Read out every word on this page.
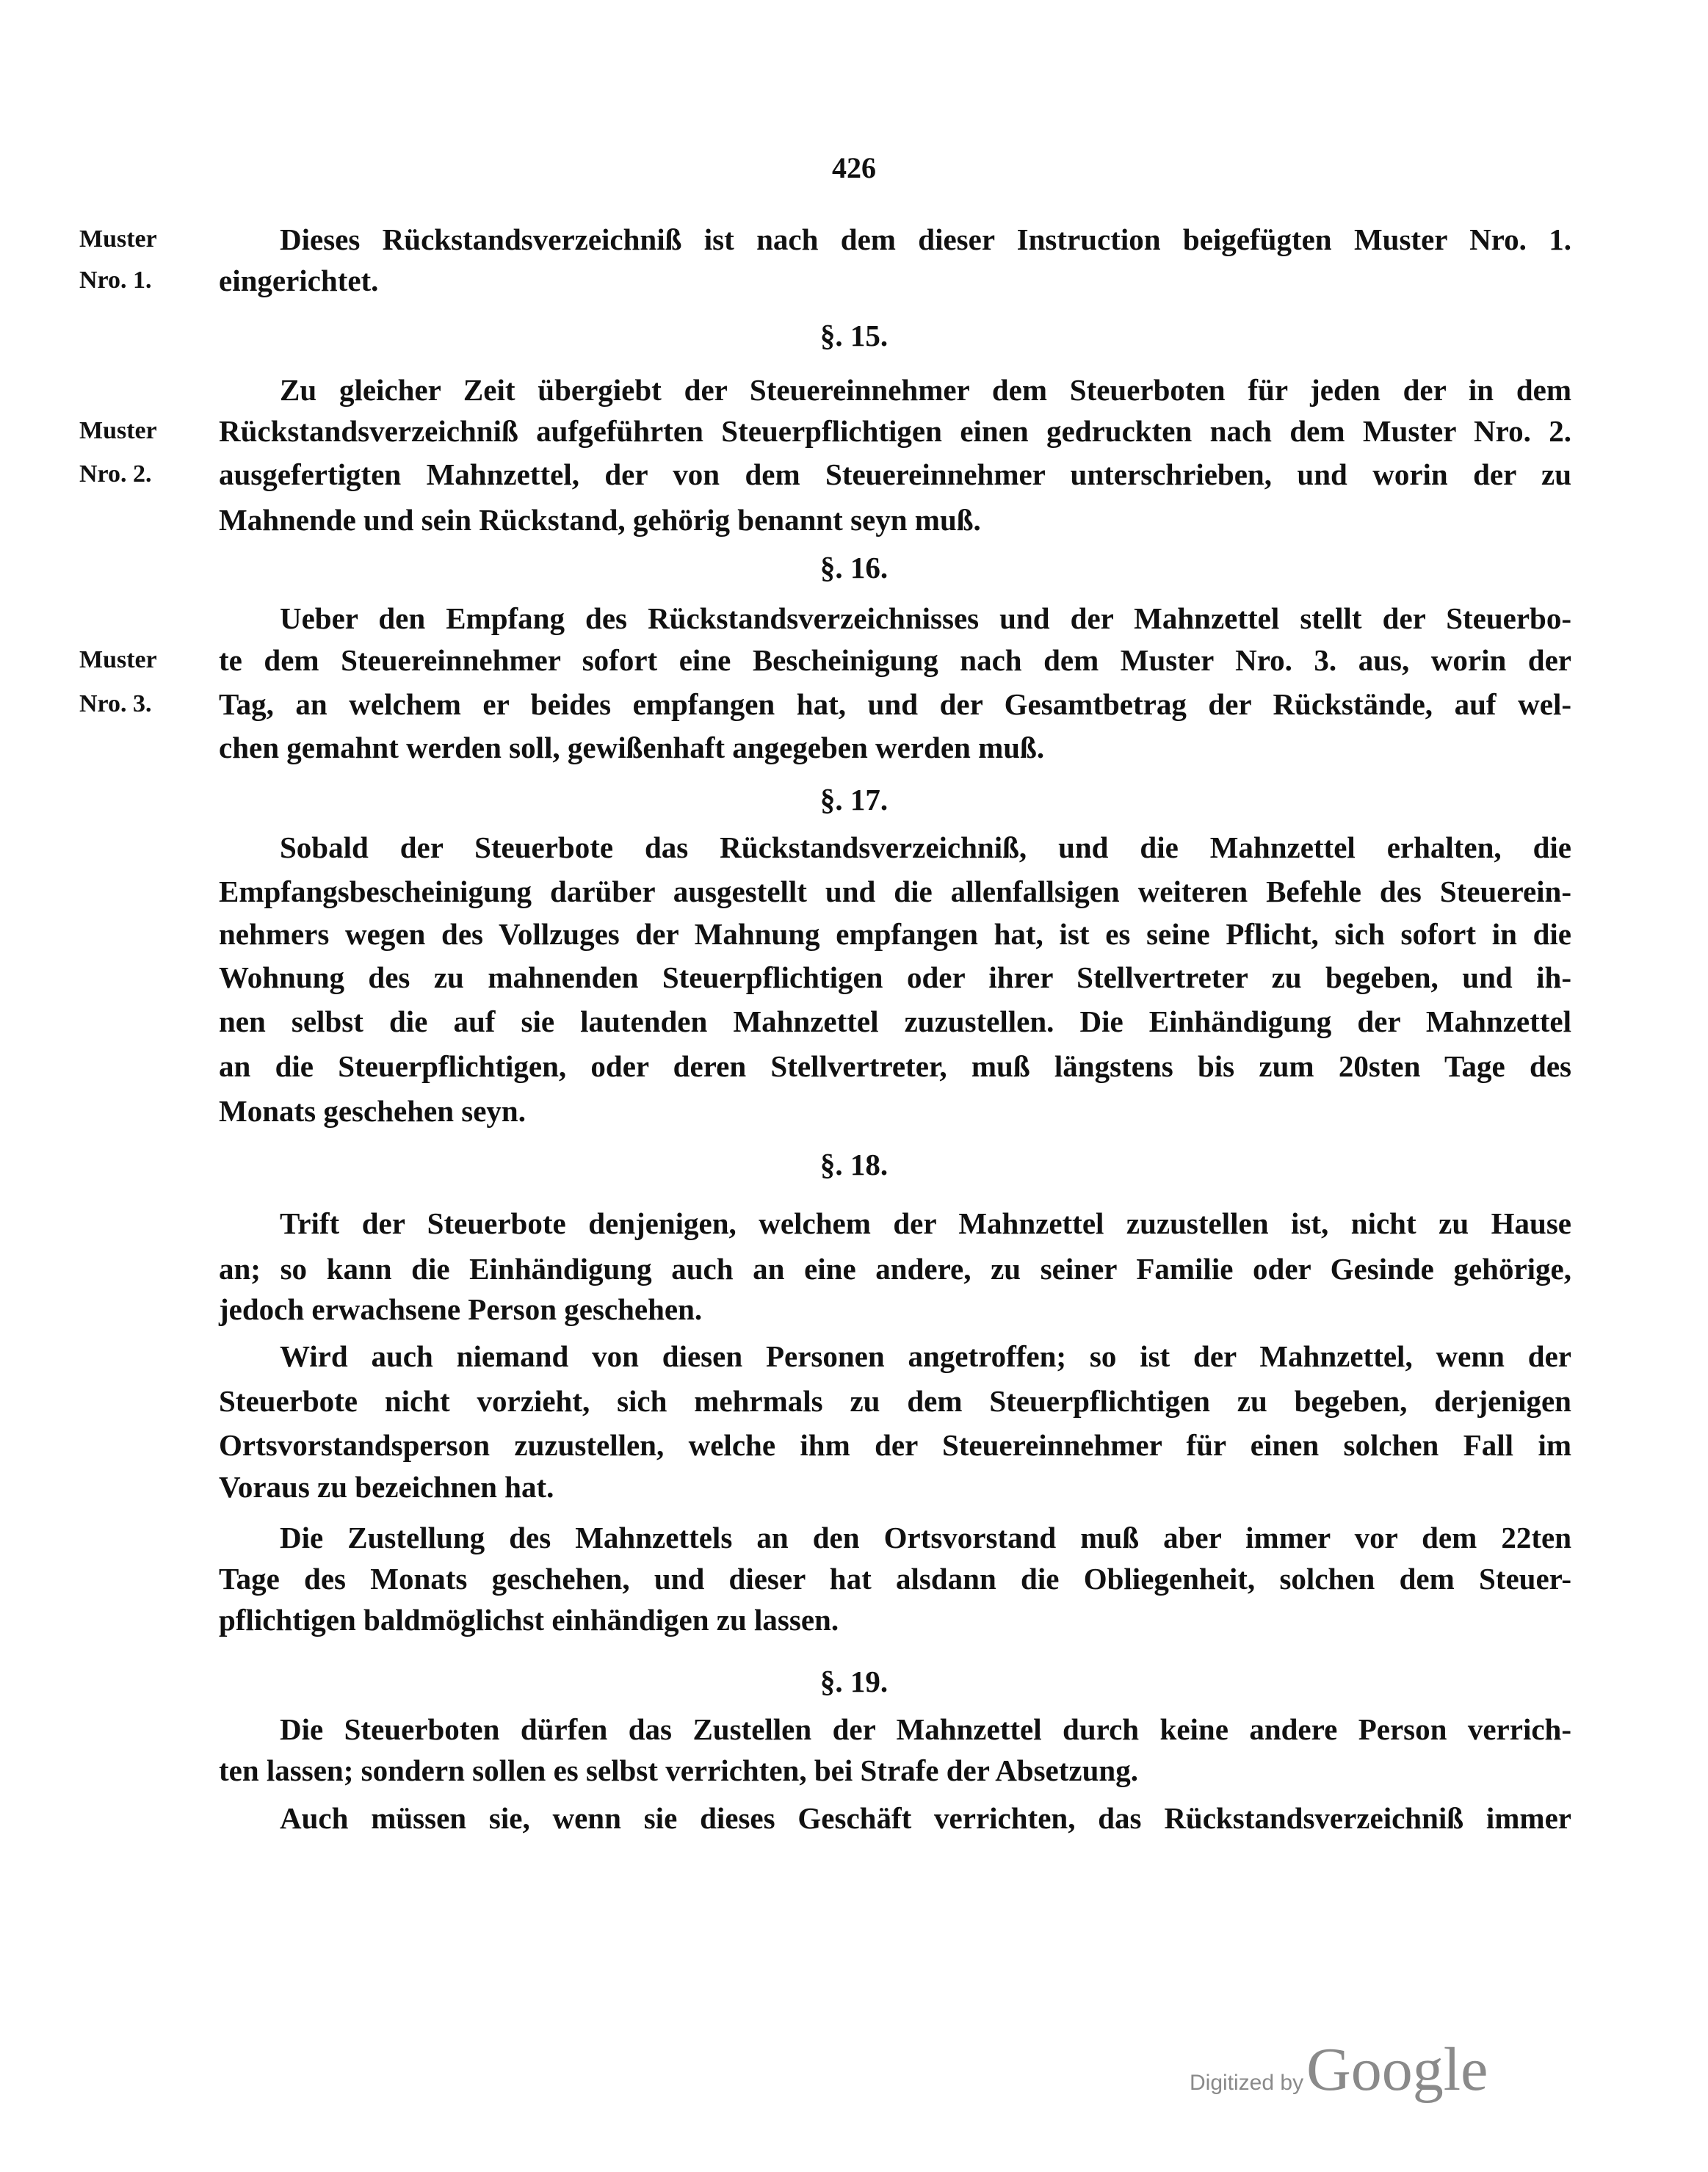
426
Muster
Nro. 1.
Muster
Nro. 2.
Muster
Nro. 3.
Dieses Rückstandsverzeichniß ist nach dem dieser Instruction beigefügten Muster Nro. 1.
eingerichtet.
§. 15.
Zu gleicher Zeit übergiebt der Steuereinnehmer dem Steuerboten für jeden der in dem
Rückstandsverzeichniß aufgeführten Steuerpflichtigen einen gedruckten nach dem Muster Nro. 2.
ausgefertigten Mahnzettel, der von dem Steuereinnehmer unterschrieben, und worin der zu
Mahnende und sein Rückstand, gehörig benannt seyn muß.
§. 16.
Ueber den Empfang des Rückstandsverzeichnisses und der Mahnzettel stellt der Steuerbo-
te dem Steuereinnehmer sofort eine Bescheinigung nach dem Muster Nro. 3. aus, worin der
Tag, an welchem er beides empfangen hat, und der Gesamtbetrag der Rückstände, auf wel-
chen gemahnt werden soll, gewißenhaft angegeben werden muß.
§. 17.
Sobald der Steuerbote das Rückstandsverzeichniß, und die Mahnzettel erhalten, die
Empfangsbescheinigung darüber ausgestellt und die allenfallsigen weiteren Befehle des Steuerein-
nehmers wegen des Vollzuges der Mahnung empfangen hat, ist es seine Pflicht, sich sofort in die
Wohnung des zu mahnenden Steuerpflichtigen oder ihrer Stellvertreter zu begeben, und ih-
nen selbst die auf sie lautenden Mahnzettel zuzustellen. Die Einhändigung der Mahnzettel
an die Steuerpflichtigen, oder deren Stellvertreter, muß längstens bis zum 20sten Tage des
Monats geschehen seyn.
§. 18.
Trift der Steuerbote denjenigen, welchem der Mahnzettel zuzustellen ist, nicht zu Hause
an; so kann die Einhändigung auch an eine andere, zu seiner Familie oder Gesinde gehörige,
jedoch erwachsene Person geschehen.
Wird auch niemand von diesen Personen angetroffen; so ist der Mahnzettel, wenn der
Steuerbote nicht vorzieht, sich mehrmals zu dem Steuerpflichtigen zu begeben, derjenigen
Ortsvorstandsperson zuzustellen, welche ihm der Steuereinnehmer für einen solchen Fall im
Voraus zu bezeichnen hat.
Die Zustellung des Mahnzettels an den Ortsvorstand muß aber immer vor dem 22ten
Tage des Monats geschehen, und dieser hat alsdann die Obliegenheit, solchen dem Steuer-
pflichtigen baldmöglichst einhändigen zu lassen.
§. 19.
Die Steuerboten dürfen das Zustellen der Mahnzettel durch keine andere Person verrich-
ten lassen; sondern sollen es selbst verrichten, bei Strafe der Absetzung.
Auch müssen sie, wenn sie dieses Geschäft verrichten, das Rückstandsverzeichniß immer
Digitized by Google
